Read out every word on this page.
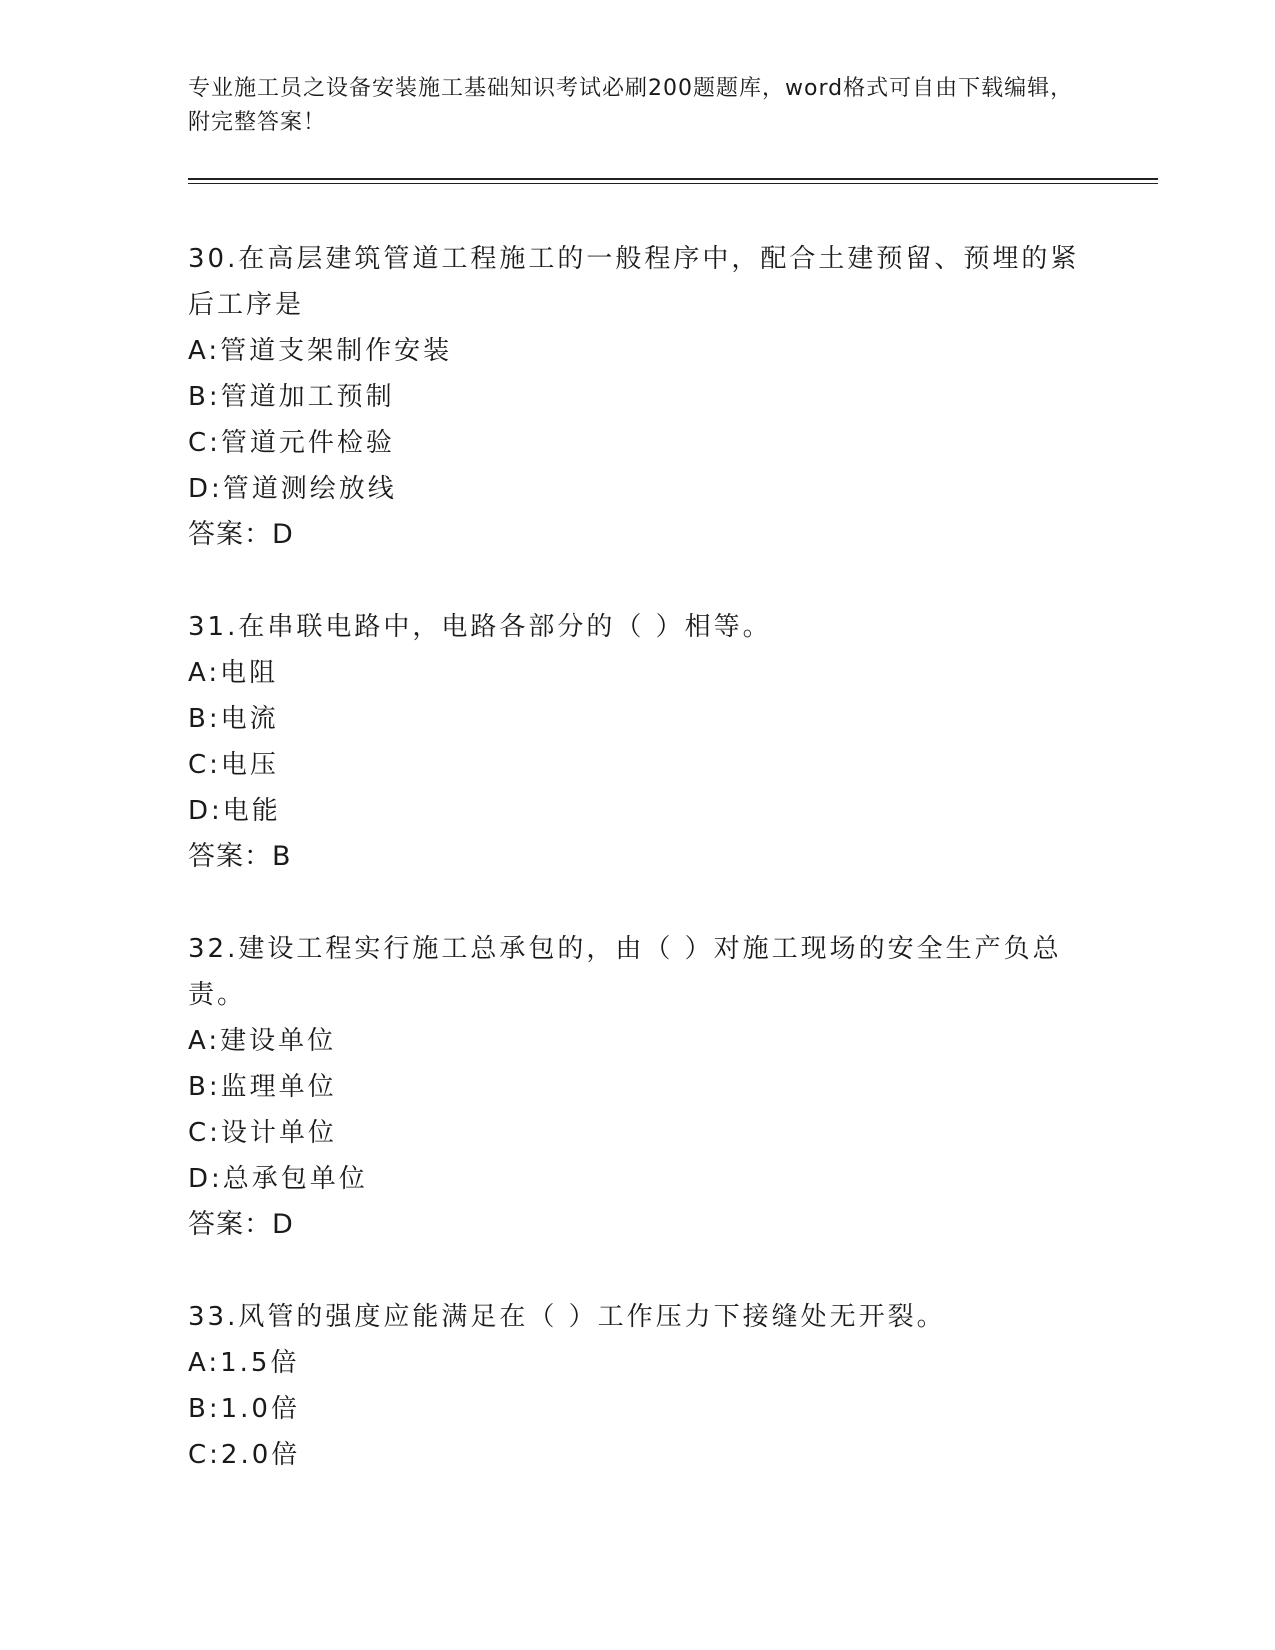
专业施工员之设备安装施工基础知识考试必刷200题题库，word格式可自由下载编辑，附完整答案！

30.在高层建筑管道工程施工的一般程序中，配合土建预留、预埋的紧后工序是

A:管道支架制作安装

B:管道加工预制

C:管道元件检验

D:管道测绘放线

答案：D

31.在串联电路中，电路各部分的（ ）相等。

A:电阻

B:电流

C:电压

D:电能

答案：B

32.建设工程实行施工总承包的，由（ ）对施工现场的安全生产负总责。

A:建设单位

B:监理单位

C:设计单位

D:总承包单位

答案：D

33.风管的强度应能满足在（ ）工作压力下接缝处无开裂。

A:1.5倍

B:1.0倍

C:2.0倍
